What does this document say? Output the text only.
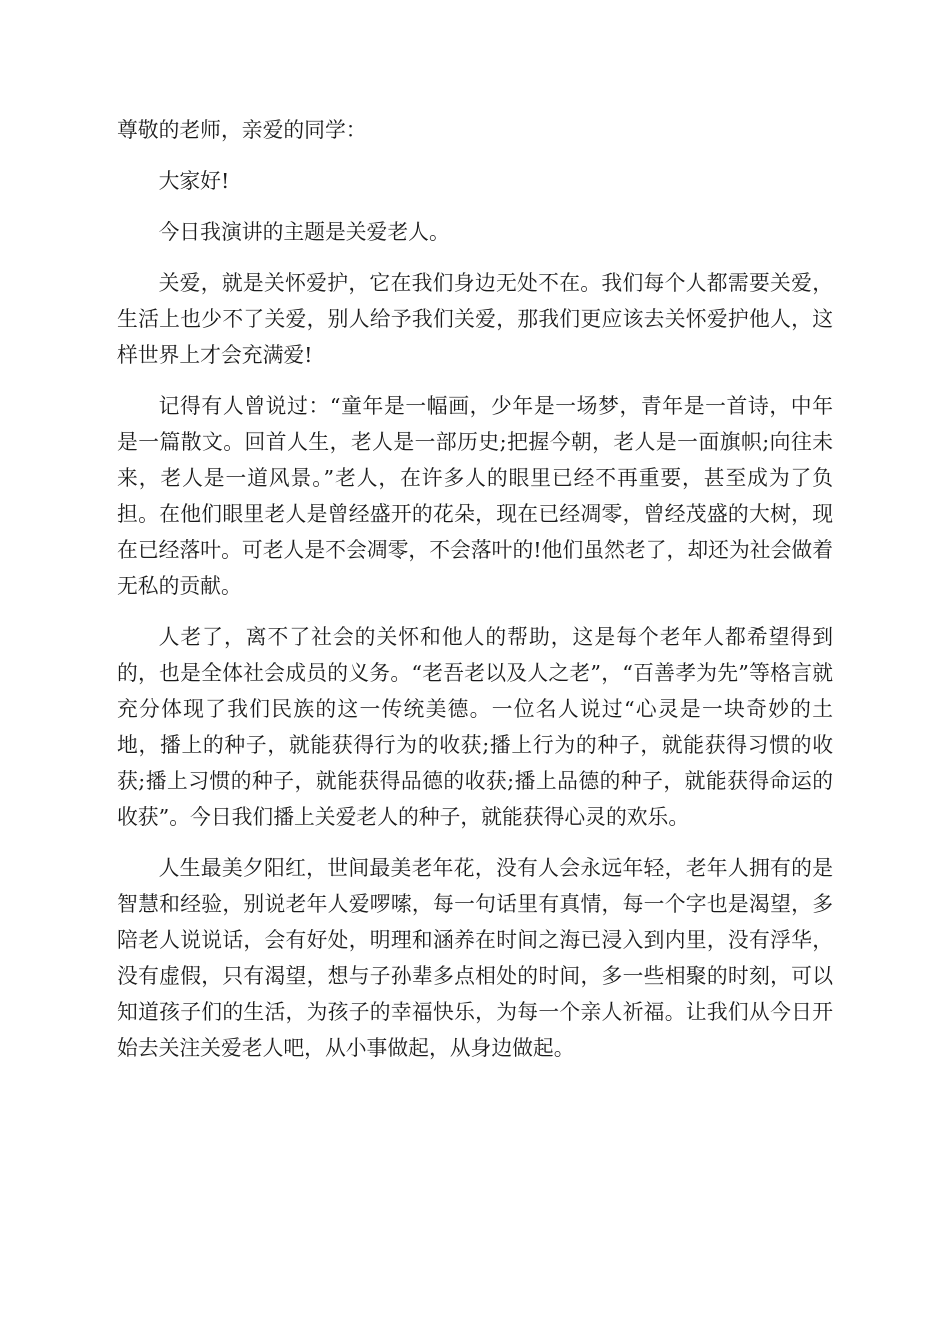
尊敬的老师，亲爱的同学：

大家好!

今日我演讲的主题是关爱老人。

关爱，就是关怀爱护，它在我们身边无处不在。我们每个人都需要关爱，生活上也少不了关爱，别人给予我们关爱，那我们更应该去关怀爱护他人，这样世界上才会充满爱!

记得有人曾说过：“童年是一幅画，少年是一场梦，青年是一首诗，中年是一篇散文。回首人生，老人是一部历史;把握今朝，老人是一面旗帜;向往未来，老人是一道风景。”老人，在许多人的眼里已经不再重要，甚至成为了负担。在他们眼里老人是曾经盛开的花朵，现在已经凋零，曾经茂盛的大树，现在已经落叶。可老人是不会凋零，不会落叶的!他们虽然老了，却还为社会做着无私的贡献。

人老了，离不了社会的关怀和他人的帮助，这是每个老年人都希望得到的，也是全体社会成员的义务。“老吾老以及人之老”，“百善孝为先”等格言就充分体现了我们民族的这一传统美德。一位名人说过“心灵是一块奇妙的土地，播上的种子，就能获得行为的收获;播上行为的种子，就能获得习惯的收获;播上习惯的种子，就能获得品德的收获;播上品德的种子，就能获得命运的收获”。今日我们播上关爱老人的种子，就能获得心灵的欢乐。

人生最美夕阳红，世间最美老年花，没有人会永远年轻，老年人拥有的是智慧和经验，别说老年人爱啰嗦，每一句话里有真情，每一个字也是渴望，多陪老人说说话，会有好处，明理和涵养在时间之海已浸入到内里，没有浮华，没有虚假，只有渴望，想与子孙辈多点相处的时间，多一些相聚的时刻，可以知道孩子们的生活，为孩子的幸福快乐，为每一个亲人祈福。让我们从今日开始去关注关爱老人吧，从小事做起，从身边做起。
